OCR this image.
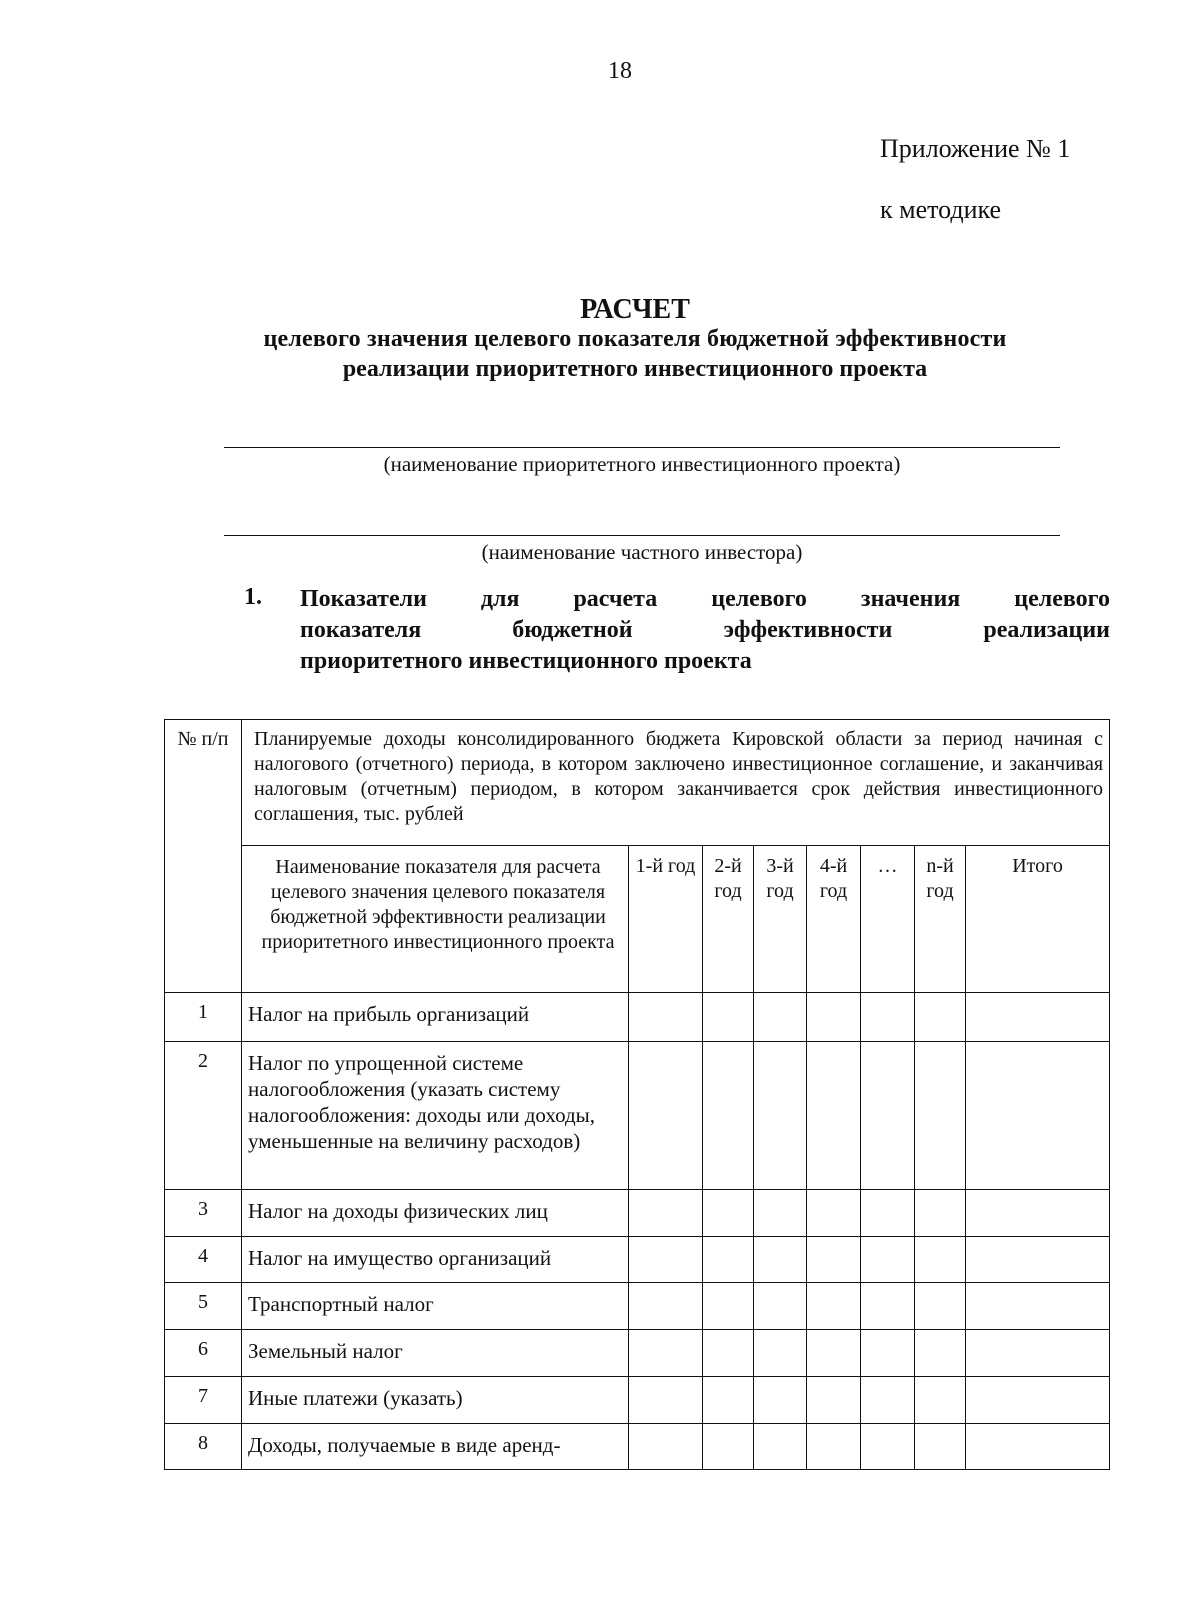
18
Приложение № 1
к методике
РАСЧЕТ
целевого значения целевого показателя бюджетной эффективности
реализации приоритетного инвестиционного проекта
(наименование приоритетного инвестиционного проекта)
(наименование частного инвестора)
1. Показатели для расчета целевого значения целевого
показателя	бюджетной	эффективности	реализации
приоритетного инвестиционного проекта
№ п/п	Планируемые доходы консолидированного бюджета Кировской области за период начиная с налогового (отчетного) периода, в котором заключено инвестиционное соглашение, и заканчивая налоговым (отчетным) периодом, в котором заканчивается срок действия инвестиционного соглашения, тыс. рублей							
	Наименование показателя для расчета целевого значения целевого показателя бюджетной эффективности реализации приоритетного инвестиционного проекта	1-й год	2-й год	3-й год	4-й год	…	n-й год	Итого
1	Налог на прибыль организаций							
2	Налог по упрощенной системе налогообложения (указать систему налогообложения: доходы или доходы, уменьшенные на величину расходов)							
3	Налог на доходы физических лиц							
4	Налог на имущество организаций							
5	Транспортный налог							
6	Земельный налог							
7	Иные платежи (указать)							
8	Доходы, получаемые в виде аренд-							
